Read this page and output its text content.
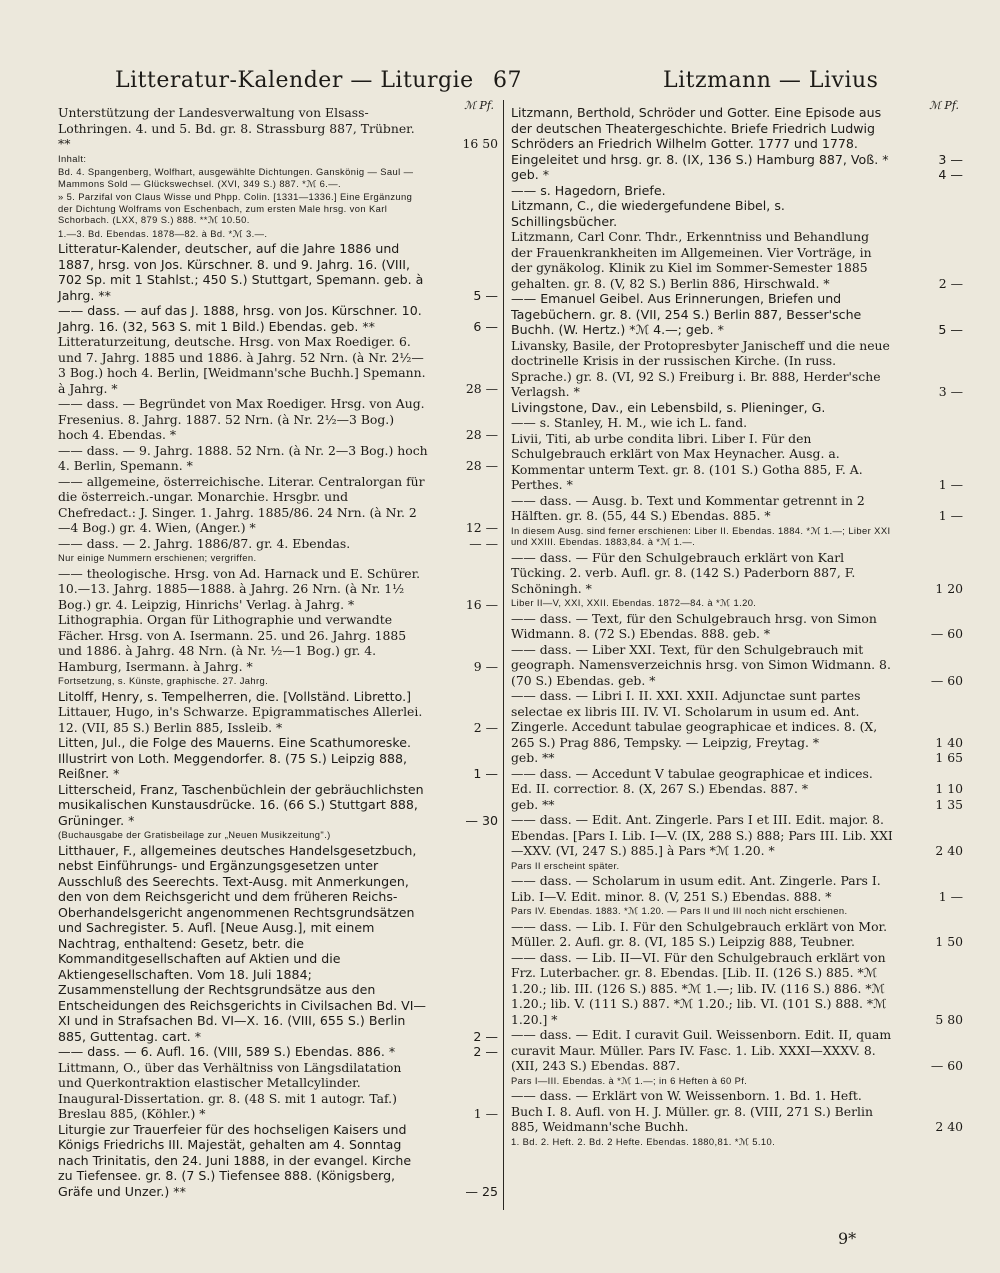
Litteratur-Kalender — Liturgie 67	Litzmann — Livius
ℳ Pf.
Unterstützung der Landesverwaltung von Elsass-Lothringen. 4. und 5. Bd. gr. 8. Strassburg 887, Trübner. **	16 50
Inhalt:
Bd. 4. Spangenberg, Wolfhart, ausgewählte Dichtungen. Ganskönig — Saul — Mammons Sold — Glückswechsel. (XVI, 349 S.) 887. *ℳ 6.—.
» 5. Parzifal von Claus Wisse und Phpp. Colin. [1331—1336.] Eine Ergänzung der Dichtung Wolframs von Eschenbach, zum ersten Male hrsg. von Karl Schorbach. (LXX, 879 S.) 888. **ℳ 10.50.
1.—3. Bd. Ebendas. 1878—82. à Bd. *ℳ 3.—.
Litteratur-Kalender, deutscher, auf die Jahre 1886 und 1887, hrsg. von Jos. Kürschner. 8. und 9. Jahrg. 16. (VIII, 702 Sp. mit 1 Stahlst.; 450 S.) Stuttgart, Spemann. geb. à Jahrg. **	5 —
—— dass. — auf das J. 1888, hrsg. von Jos. Kürschner. 10. Jahrg. 16. (32, 563 S. mit 1 Bild.) Ebendas. geb. **	6 —
Litteraturzeitung, deutsche. Hrsg. von Max Roediger. 6. und 7. Jahrg. 1885 und 1886. à Jahrg. 52 Nrn. (à Nr. 2½—3 Bog.) hoch 4. Berlin, [Weidmann'sche Buchh.] Spemann. à Jahrg. *	28 —
—— dass. — Begründet von Max Roediger. Hrsg. von Aug. Fresenius. 8. Jahrg. 1887. 52 Nrn. (à Nr. 2½—3 Bog.) hoch 4. Ebendas. *	28 —
—— dass. — 9. Jahrg. 1888. 52 Nrn. (à Nr. 2—3 Bog.) hoch 4. Berlin, Spemann. *	28 —
—— allgemeine, österreichische. Literar. Centralorgan für die österreich.-ungar. Monarchie. Hrsgbr. und Chefredact.: J. Singer. 1. Jahrg. 1885/86. 24 Nrn. (à Nr. 2—4 Bog.) gr. 4. Wien, (Anger.) *	12 —
—— dass. — 2. Jahrg. 1886/87. gr. 4. Ebendas.	— —
Nur einige Nummern erschienen; vergriffen.
—— theologische. Hrsg. von Ad. Harnack und E. Schürer. 10.—13. Jahrg. 1885—1888. à Jahrg. 26 Nrn. (à Nr. 1½ Bog.) gr. 4. Leipzig, Hinrichs' Verlag. à Jahrg. *	16 —
Lithographia. Organ für Lithographie und verwandte Fächer. Hrsg. von A. Isermann. 25. und 26. Jahrg. 1885 und 1886. à Jahrg. 48 Nrn. (à Nr. ½—1 Bog.) gr. 4. Hamburg, Isermann. à Jahrg. *	9 —
Fortsetzung, s. Künste, graphische. 27. Jahrg.
Litolff, Henry, s. Tempelherren, die. [Vollständ. Libretto.]
Littauer, Hugo, in's Schwarze. Epigrammatisches Allerlei. 12. (VII, 85 S.) Berlin 885, Issleib. *	2 —
Litten, Jul., die Folge des Mauerns. Eine Scathumoreske. Illustrirt von Loth. Meggendorfer. 8. (75 S.) Leipzig 888, Reißner. *	1 —
Litterscheid, Franz, Taschenbüchlein der gebräuchlichsten musikalischen Kunstausdrücke. 16. (66 S.) Stuttgart 888, Grüninger. *	— 30
(Buchausgabe der Gratisbeilage zur „Neuen Musikzeitung".)
Litthauer, F., allgemeines deutsches Handelsgesetzbuch, nebst Einführungs- und Ergänzungsgesetzen unter Ausschluß des Seerechts. Text-Ausg. mit Anmerkungen, den von dem Reichsgericht und dem früheren Reichs-Oberhandelsgericht angenommenen Rechtsgrundsätzen und Sachregister. 5. Aufl. [Neue Ausg.], mit einem Nachtrag, enthaltend: Gesetz, betr. die Kommanditgesellschaften auf Aktien und die Aktiengesellschaften. Vom 18. Juli 1884; Zusammenstellung der Rechtsgrundsätze aus den Entscheidungen des Reichsgerichts in Civilsachen Bd. VI—XI und in Strafsachen Bd. VI—X. 16. (VIII, 655 S.) Berlin 885, Guttentag. cart. *	2 —
—— dass. — 6. Aufl. 16. (VIII, 589 S.) Ebendas. 886. *	2 —
Littmann, O., über das Verhältniss von Längsdilatation und Querkontraktion elastischer Metallcylinder. Inaugural-Dissertation. gr. 8. (48 S. mit 1 autogr. Taf.) Breslau 885, (Köhler.) *	1 —
Liturgie zur Trauerfeier für des hochseligen Kaisers und Königs Friedrichs III. Majestät, gehalten am 4. Sonntag nach Trinitatis, den 24. Juni 1888, in der evangel. Kirche zu Tiefensee. gr. 8. (7 S.) Tiefensee 888. (Königsberg, Gräfe und Unzer.) **	— 25
ℳ Pf.
Litzmann, Berthold, Schröder und Gotter. Eine Episode aus der deutschen Theatergeschichte. Briefe Friedrich Ludwig Schröders an Friedrich Wilhelm Gotter. 1777 und 1778. Eingeleitet und hrsg. gr. 8. (IX, 136 S.) Hamburg 887, Voß. *	3 —
geb. *	4 —
—— s. Hagedorn, Briefe.
Litzmann, C., die wiedergefundene Bibel, s. Schillingsbücher.
Litzmann, Carl Conr. Thdr., Erkenntniss und Behandlung der Frauenkrankheiten im Allgemeinen. Vier Vorträge, in der gynäkolog. Klinik zu Kiel im Sommer-Semester 1885 gehalten. gr. 8. (V, 82 S.) Berlin 886, Hirschwald. *	2 —
—— Emanuel Geibel. Aus Erinnerungen, Briefen und Tagebüchern. gr. 8. (VII, 254 S.) Berlin 887, Besser'sche Buchh. (W. Hertz.) *ℳ 4.—; geb. *	5 —
Livansky, Basile, der Protopresbyter Janischeff und die neue doctrinelle Krisis in der russischen Kirche. (In russ. Sprache.) gr. 8. (VI, 92 S.) Freiburg i. Br. 888, Herder'sche Verlagsh. *	3 —
Livingstone, Dav., ein Lebensbild, s. Plieninger, G.
—— s. Stanley, H. M., wie ich L. fand.
Livii, Titi, ab urbe condita libri. Liber I. Für den Schulgebrauch erklärt von Max Heynacher. Ausg. a. Kommentar unterm Text. gr. 8. (101 S.) Gotha 885, F. A. Perthes. *	1 —
—— dass. — Ausg. b. Text und Kommentar getrennt in 2 Hälften. gr. 8. (55, 44 S.) Ebendas. 885. *	1 —
In diesem Ausg. sind ferner erschienen: Liber II. Ebendas. 1884. *ℳ 1.—; Liber XXI und XXIII. Ebendas. 1883,84. à *ℳ 1.—.
—— dass. — Für den Schulgebrauch erklärt von Karl Tücking. 2. verb. Aufl. gr. 8. (142 S.) Paderborn 887, F. Schöningh. *	1 20
Liber II—V, XXI, XXII. Ebendas. 1872—84. à *ℳ 1.20.
—— dass. — Text, für den Schulgebrauch hrsg. von Simon Widmann. 8. (72 S.) Ebendas. 888. geb. *	— 60
—— dass. — Liber XXI. Text, für den Schulgebrauch mit geograph. Namensverzeichnis hrsg. von Simon Widmann. 8. (70 S.) Ebendas. geb. *	— 60
—— dass. — Libri I. II. XXI. XXII. Adjunctae sunt partes selectae ex libris III. IV. VI. Scholarum in usum ed. Ant. Zingerle. Accedunt tabulae geographicae et indices. 8. (X, 265 S.) Prag 886, Tempsky. — Leipzig, Freytag. *	1 40
geb. **	1 65
—— dass. — Accedunt V tabulae geographicae et indices. Ed. II. correctior. 8. (X, 267 S.) Ebendas. 887. *	1 10
geb. **	1 35
—— dass. — Edit. Ant. Zingerle. Pars I et III. Edit. major. 8. Ebendas. [Pars I. Lib. I—V. (IX, 288 S.) 888; Pars III. Lib. XXI—XXV. (VI, 247 S.) 885.] à Pars *ℳ 1.20. *	2 40
Pars II erscheint später.
—— dass. — Scholarum in usum edit. Ant. Zingerle. Pars I. Lib. I—V. Edit. minor. 8. (V, 251 S.) Ebendas. 888. *	1 —
Pars IV. Ebendas. 1883. *ℳ 1.20. — Pars II und III noch nicht erschienen.
—— dass. — Lib. I. Für den Schulgebrauch erklärt von Mor. Müller. 2. Aufl. gr. 8. (VI, 185 S.) Leipzig 888, Teubner.	1 50
—— dass. — Lib. II—VI. Für den Schulgebrauch erklärt von Frz. Luterbacher. gr. 8. Ebendas. [Lib. II. (126 S.) 885. *ℳ 1.20.; lib. III. (126 S.) 885. *ℳ 1.—; lib. IV. (116 S.) 886. *ℳ 1.20.; lib. V. (111 S.) 887. *ℳ 1.20.; lib. VI. (101 S.) 888. *ℳ 1.20.] *	5 80
—— dass. — Edit. I curavit Guil. Weissenborn. Edit. II, quam curavit Maur. Müller. Pars IV. Fasc. 1. Lib. XXXI—XXXV. 8. (XII, 243 S.) Ebendas. 887.	— 60
Pars I—III. Ebendas. à *ℳ 1.—; in 6 Heften à 60 Pf.
—— dass. — Erklärt von W. Weissenborn. 1. Bd. 1. Heft. Buch I. 8. Aufl. von H. J. Müller. gr. 8. (VIII, 271 S.) Berlin 885, Weidmann'sche Buchh.	2 40
1. Bd. 2. Heft. 2. Bd. 2 Hefte. Ebendas. 1880,81. *ℳ 5.10.
9*
